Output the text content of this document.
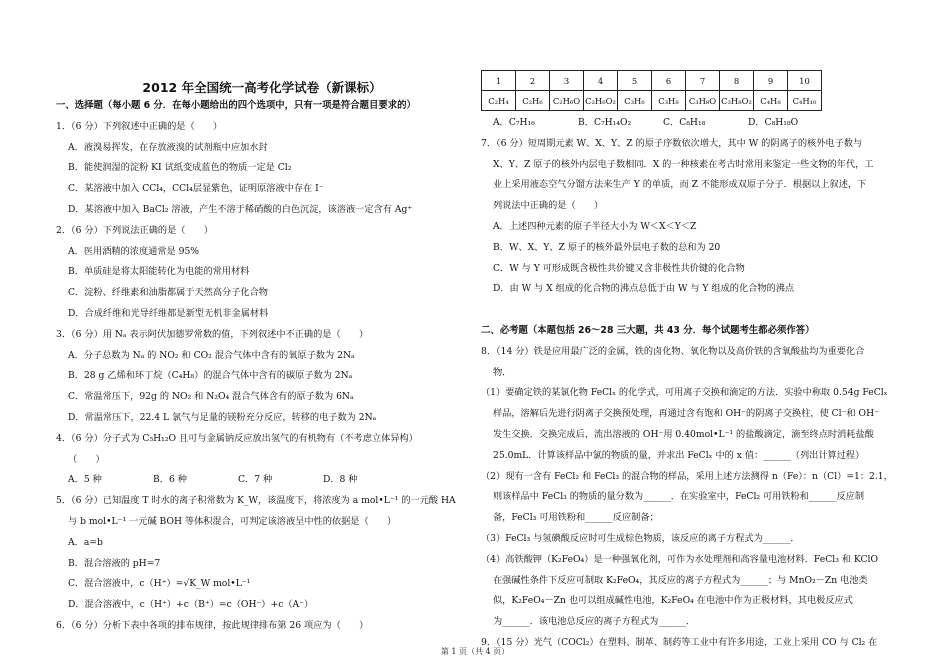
2012 年全国统一高考化学试卷（新课标）
一、选择题（每小题 6 分．在每小题给出的四个选项中，只有一项是符合题目要求的）
1．（6 分）下列叙述中正确的是（　　）
A．液溴易挥发，在存放液溴的试剂瓶中应加水封
B．能使润湿的淀粉 KI 试纸变成蓝色的物质一定是 Cl₂
C．某溶液中加入 CCl₄，CCl₄层显紫色，证明原溶液中存在 I⁻
D．某溶液中加入 BaCl₂ 溶液，产生不溶于稀硝酸的白色沉淀，该溶液一定含有 Ag⁺
2．（6 分）下列说法正确的是（　　）
A．医用酒精的浓度通常是 95%
B．单质硅是将太阳能转化为电能的常用材料
C．淀粉、纤维素和油脂都属于天然高分子化合物
D．合成纤维和光导纤维都是新型无机非金属材料
3．（6 分）用 Nₐ 表示阿伏加德罗常数的值，下列叙述中不正确的是（　　）
A．分子总数为 Nₐ 的 NO₂ 和 CO₂ 混合气体中含有的氧原子数为 2Nₐ
B．28 g 乙烯和环丁烷（C₄H₈）的混合气体中含有的碳原子数为 2Nₐ
C．常温常压下，92g 的 NO₂ 和 N₂O₄ 混合气体含有的原子数为 6Nₐ
D．常温常压下，22.4 L 氯气与足量的镁粉充分反应，转移的电子数为 2Nₐ
4．（6 分）分子式为 C₅H₁₂O 且可与金属钠反应放出氢气的有机物有（不考虑立体异构）
（　　）
A．5 种	B．6 种	C．7 种	D．8 种
5．（6 分）已知温度 T 时水的离子积常数为 K_W，该温度下，将浓度为 a mol•L⁻¹ 的一元酸 HA
与 b mol•L⁻¹ 一元碱 BOH 等体积混合，可判定该溶液呈中性的依据是（　　）
A．a=b
B．混合溶液的 pH=7
C．混合溶液中，c（H⁺）=√K_W mol•L⁻¹
D．混合溶液中，c（H⁺）+c（B⁺）=c（OH⁻）+c（A⁻）
6．（6 分）分析下表中各项的排布规律，按此规律排布第 26 项应为（　　）
1	2	3	4	5	6	7	8	9	10
C₂H₄	C₂H₆	C₂H₆O	C₂H₆O₂	C₃H₆	C₃H₈	C₃H₈O	C₃H₈O₂	C₄H₈	C₄H₁₀
A．C₇H₁₆	B．C₇H₁₄O₂	C．C₈H₁₈	D．C₈H₁₈O
7．（6 分）短周期元素 W、X、Y、Z 的原子序数依次增大，其中 W 的阴离子的核外电子数与
X、Y、Z 原子的核外内层电子数相同．X 的一种核素在考古时常用来鉴定一些文物的年代，工
业上采用液态空气分馏方法来生产 Y 的单质，而 Z 不能形成双原子分子．根据以上叙述，下
列说法中正确的是（　　）
A．上述四种元素的原子半径大小为 W＜X＜Y＜Z
B．W、X、Y、Z 原子的核外最外层电子数的总和为 20
C．W 与 Y 可形成既含极性共价键又含非极性共价键的化合物
D．由 W 与 X 组成的化合物的沸点总低于由 W 与 Y 组成的化合物的沸点

二、必考题（本题包括 26～28 三大题，共 43 分．每个试题考生都必须作答）
8．（14 分）铁是应用最广泛的金属，铁的卤化物、氧化物以及高价铁的含氧酸盐均为重要化合
物．
（1）要确定铁的某氯化物 FeClₓ 的化学式，可用离子交换和滴定的方法．实验中称取 0.54g FeClₓ
样品，溶解后先进行阴离子交换预处理，再通过含有饱和 OH⁻的阴离子交换柱，使 Cl⁻和 OH⁻
发生交换．交换完成后，流出溶液的 OH⁻用 0.40mol•L⁻¹ 的盐酸滴定，滴至终点时消耗盐酸
25.0mL．计算该样品中氯的物质的量，并求出 FeClₓ 中的 x 值：______（列出计算过程）
（2）现有一含有 FeCl₂ 和 FeCl₃ 的混合物的样品，采用上述方法测得 n（Fe）：n（Cl）=1：2.1，
则该样品中 FeCl₃ 的物质的量分数为______．在实验室中，FeCl₂ 可用铁粉和______反应制
备，FeCl₃ 可用铁粉和______反应制备；
（3）FeCl₃ 与氢碘酸反应时可生成棕色物质，该反应的离子方程式为______．
（4）高铁酸钾（K₂FeO₄）是一种强氧化剂，可作为水处理剂和高容量电池材料．FeCl₃ 和 KClO
在强碱性条件下反应可制取 K₂FeO₄，其反应的离子方程式为______；与 MnO₂－Zn 电池类
似，K₂FeO₄－Zn 也可以组成碱性电池，K₂FeO₄ 在电池中作为正极材料，其电极反应式
为______．该电池总反应的离子方程式为______．
9．（15 分）光气（COCl₂）在塑料、制革、制药等工业中有许多用途，工业上采用 CO 与 Cl₂ 在
第 1 页（共 4 页）
